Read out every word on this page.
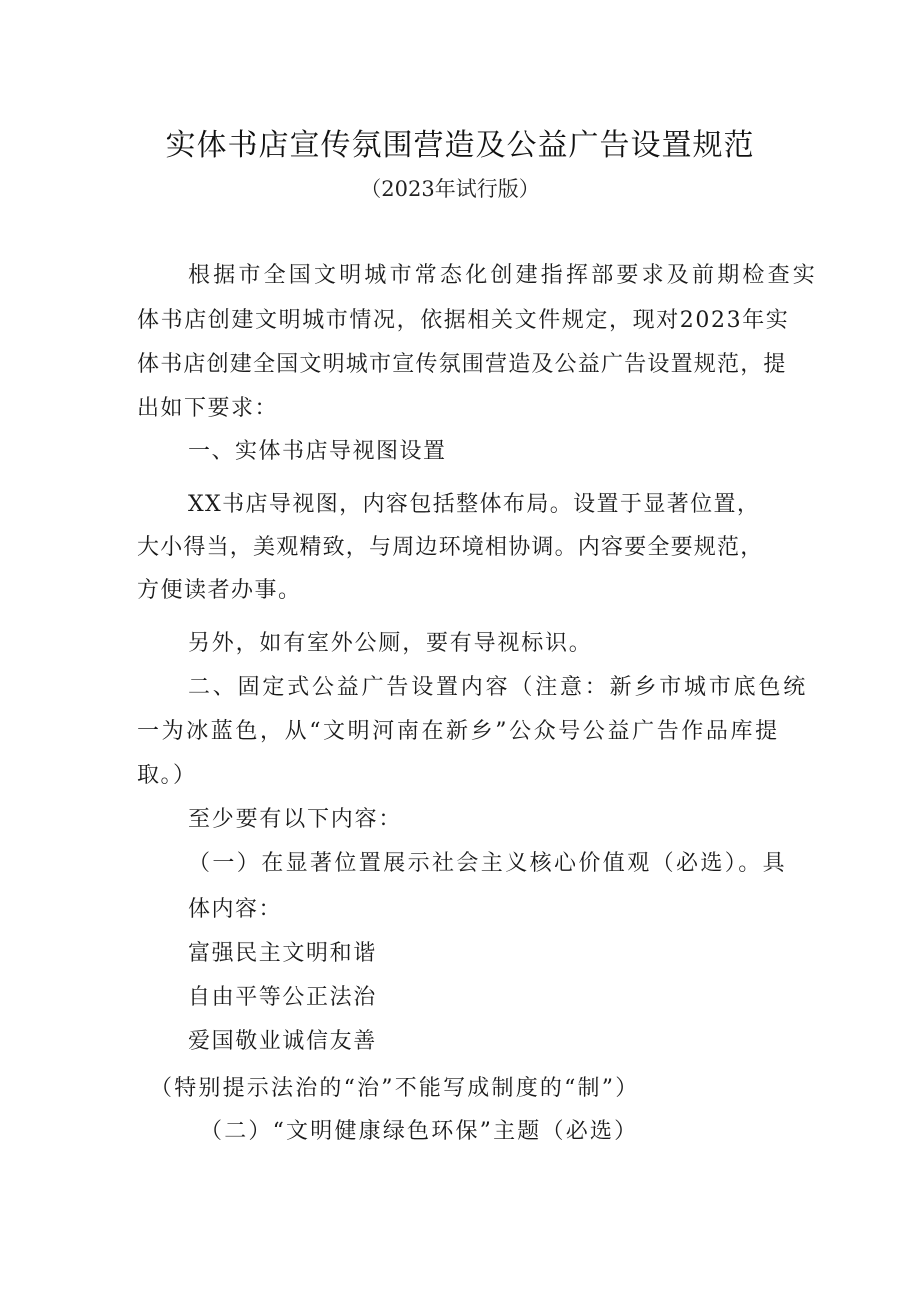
实体书店宣传氛围营造及公益广告设置规范
（2023年试行版）
根据市全国文明城市常态化创建指挥部要求及前期检查实
体书店创建文明城市情况，依据相关文件规定，现对2023年实
体书店创建全国文明城市宣传氛围营造及公益广告设置规范，提
出如下要求：
一、实体书店导视图设置
XX书店导视图，内容包括整体布局。设置于显著位置，
大小得当，美观精致，与周边环境相协调。内容要全要规范，
方便读者办事。
另外，如有室外公厕，要有导视标识。
二、固定式公益广告设置内容（注意：新乡市城市底色统
一为冰蓝色，从“文明河南在新乡”公众号公益广告作品库提
取。）
至少要有以下内容：
（一）在显著位置展示社会主义核心价值观（必选）。具
体内容：
富强民主文明和谐
自由平等公正法治
爱国敬业诚信友善
（特别提示法治的“治”不能写成制度的“制”）
（二）“文明健康绿色环保”主题（必选）
